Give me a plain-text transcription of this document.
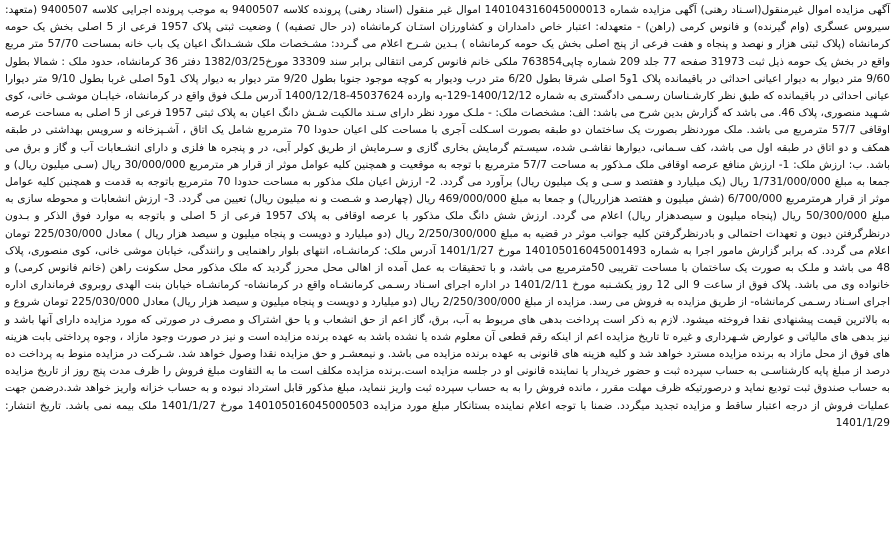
آگهی مزایده اموال غیرمنقول(اسـناد رهنی) آگهی مزایده شماره 140104316045000013 اموال غیر منقول (اسناد رهنی) پرونده کلاسه 9400507 به موجب پرونده اجرایی کلاسه 9400507 (متعهد: سیروس عسگری (وام گیرنده) و فانوس کرمی (راهن) - متعهدله: اعتبار خاص دامداران و کشاورزان استـان کرمانشاه (در حال تصفیه) ) وضعیت ثبتی پلاک 1957 فرعی از 5 اصلی بخش یک حومه کرمانشاه (پلاک ثبتی هزار و نهصد و پنجاه و هفت فرعی از پنج اصلی بخش یک حومه کرمانشاه ) بـدین شـرح اعلام می گـردد: مشـخصات ملک ششـدانگ اعیان یک باب خانه بمساحت 57/70 متر مربع واقع در بخش یک حومه ذیل ثبت 31973 صفحه 77 جلد 209 شماره چاپی763854 ملکی خانم فانوس کرمی انتقالی برابر سند 33309 مورخ1382/03/25 دفتر 36 کرمانشاه، حدود ملک : شمالا بطول 9/60 متر دیوار به دیوار اعیانی احداثی در باقیمانده پلاک 1و5 اصلی شرقا بطول 6/20 متر درب ودیوار به کوچه موجود جنوبا بطول 9/20 متر دیوار به دیوار پلاک 1و5 اصلی غربا بطول 9/10 متر دیوارا عیانی احداثی در باقیمانده که طبق نظر کارشـناسان رسـمی دادگستری به شماره 1400/12/12-129-به وارده 45037624-1400/12/18 آدرس ملـک فوق واقع در کرمانشاه، خیابـان موشـی خانی، کوی شـهید منصوری، پلاک 46. می باشد که گزارش بدین شرح می باشد: الف: مشخصات ملک: - ملـک مورد نظر دارای سـند مالکیت شـش دانگ اعیان به پلاک ثبتی 1957 فرعی از 5 اصلی به مساحت عرصه اوقافی 57/7 مترمربع می باشد. ملک موردنظر بصورت یک ساختمان دو طبقه بصورت اسـکلت آجری با مساحت کلی اعیان حدودا 70 مترمربع شامل یک اتاق ، آشـپزخانه و سرویس بهداشتی در طبقه همکف و دو اتاق در طبقه اول می باشد، کف سـمانی، دیوارها نقاشـی شده، سیسـتم گرمایش بخاری گازی و سـرمایش از طریق کولر آبی، در و پنجره ها فلزی و دارای انشـعابات آب و گاز و برق می باشد. ب: ارزش ملک: 1- ارزش منافع عرصه اوقافی ملک مـذکور به مساحت 57/7 مترمربع با توجه به موقعیت و همچنین کلیه عوامل موثر از قرار هر مترمربع 30/000/000 ریال (سـی میلیون ریال) و جمعا به مبلغ 1/731/000/000 ریال (یک میلیارد و هفتصد و سـی و یک میلیون ریال) برآورد می گردد. 2- ارزش اعیان ملک مذکور به مساحت حدودا 70 مترمربع باتوجه به قدمت و همچنین کلیه عوامل موثر از قرار هرمترمربع 6/700/000 (شش میلیون و هفتصد هزارریال) و جمعا به مبلغ 469/000/000 ریال (چهارصد و شـصت و نه میلیون ریال) تعیین می گردد. 3- ارزش انشعابات و محوطه سازی به مبلغ 50/300/000 ریال (پنجاه میلیون و سیصدهزار ریال) اعلام می گردد. ارزش شش دانگ ملک مذکور با عرصه اوقافی به پلاک 1957 فرعی از 5 اصلی و باتوجه به موارد فوق الذکر و بـدون درنظرگرفتن دیون و تعهدات احتمالی و بادرنظرگرفتن کلیه جوانب موثر در قضیه به مبلغ 2/250/300/000 ریال (دو میلیارد و دویست و پنجاه میلیون و سیصد هزار ریال ) معادل 225/030/000 تومان اعلام می گردد. که برابر گزارش مامور اجرا به شماره 140105016045001493 مورخ 1401/1/27 آدرس ملک: کرمانشـاه، انتهای بلوار راهنمایی و رانندگی، خیابان موشی خانی، کوی منصوری، پلاک 48 می باشد و ملـک به صورت یک ساختمان با مساحت تقریبی 50مترمربع می باشد، و با تحقیقات به عمل آمده از اهالی محل محرز گردید که ملک مذکور محل سکونت راهن (خانم فانوس کرمی) و خانواده وی می باشد. پلاک فوق از ساعت 9 الی 12 روز یکشـنبه مورخ 1401/2/11 در اداره اجرای اسـناد رسـمی کرمانشـاه واقع در کرمانشاه- کرمانشـاه خیابان بنت الهدی روبروی فرمانداری اداره اجرای اسـناد رسـمی کرمانشاه- از طریق مزایده به فروش می رسد. مزایده از مبلغ 2/250/300/000 ریال (دو میلیارد و دویست و پنجاه میلیون و سیصد هزار ریال) معادل 225/030/000 تومان شروع و به بالاترین قیمت پیشنهادی نقدا فروخته میشود. لازم به ذکر است پرداخت بدهی های مربوط به آب، برق، گاز اعم از حق انشعاب و یا حق اشتراک و مصرف در صورتی که مورد مزایده دارای آنها باشد و نیز بدهی های مالیاتی و عوارض شـهرداری و غیره تا تاریخ مزایده اعم از اینکه رقم قطعی آن معلوم شده یا نشده باشد به عهده برنده مزایده است و نیز در صورت وجود مازاد ، وجوه پرداختی بابت هزینه های فوق از محل مازاد به برنده مزایده مسترد خواهد شد و کلیه هزینه های قانونی به عهده برنده مزایده می باشد. و نیمعشـر و حق مزایده نقدا وصول خواهد شد. شـرکت در مزایده منوط به پرداخت ده درصد از مبلغ پایه کارشناسـی به حساب سپرده ثبت و حضور خریدار یا نماینده قانونی او در جلسه مزایده است.برنده مزایده مکلف است ما به التفاوت مبلغ فروش را ظرف مدت پنج روز از تاریخ مزایده به حساب صندوق ثبت تودیع نماید و درصورتیکه ظرف مهلت مقرر ، مانده فروش را به به حساب سپرده ثبت واریز ننماید، مبلغ مذکور قابل استرداد نبوده و به حساب خزانه واریز خواهد شد.درضمن جهت عملیات فروش از درجه اعتبار ساقط و مزایده تجدید میگردد. ضمنا با توجه اعلام نماینده بستانکار مبلغ مورد مزایده 140105016045000503 مورخ 1401/1/27 ملک بیمه نمی باشد. تاریخ انتشار: 1401/1/29
